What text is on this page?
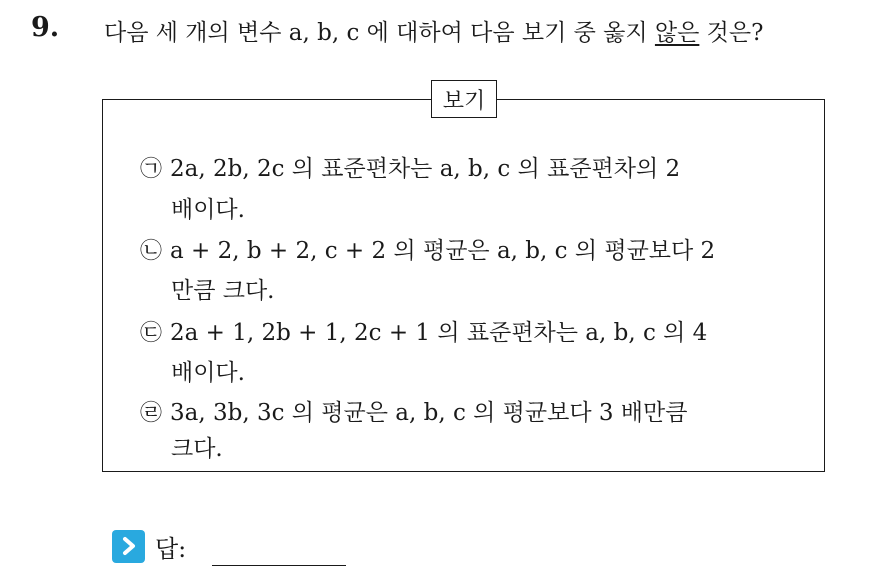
9. 다음 세 개의 변수 a, b, c 에 대하여 다음 보기 중 옳지 않은 것은?
보기
㉠ 2a, 2b, 2c 의 표준편차는 a, b, c 의 표준편차의 2
배이다.
㉡ a + 2, b + 2, c + 2 의 평균은 a, b, c 의 평균보다 2
만큼 크다.
㉢ 2a + 1, 2b + 1, 2c + 1 의 표준편차는 a, b, c 의 4
배이다.
㉣ 3a, 3b, 3c 의 평균은 a, b, c 의 평균보다 3 배만큼
크다.
답:
